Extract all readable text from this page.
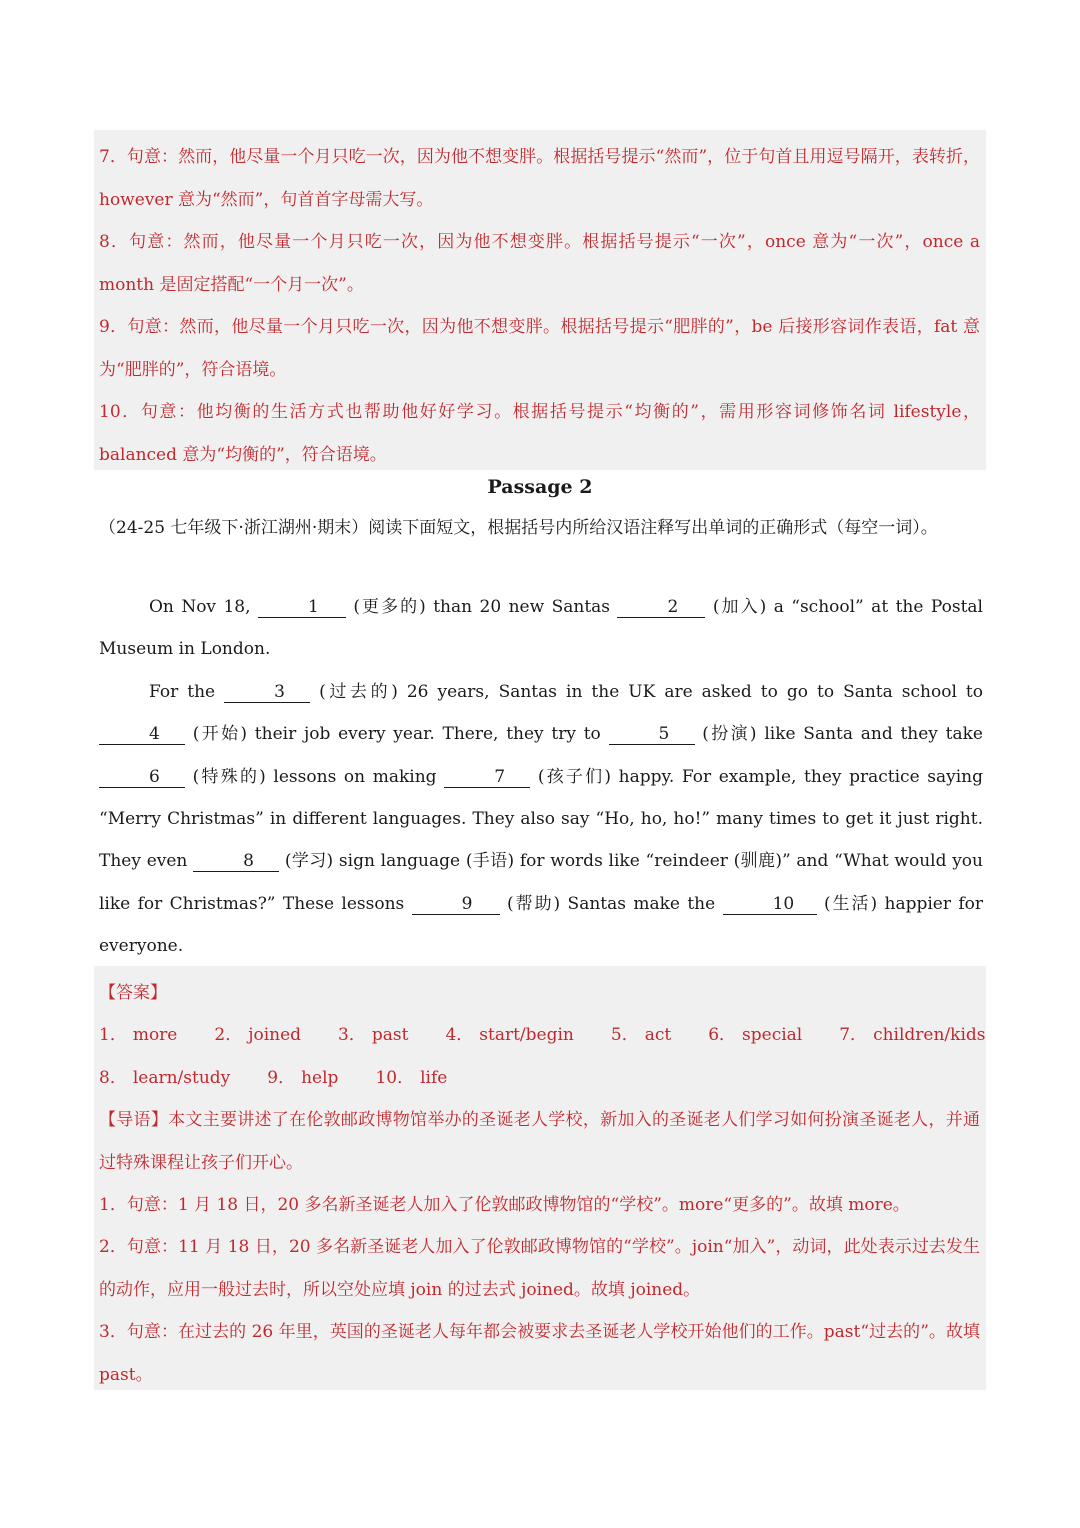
7．句意：然而，他尽量一个月只吃一次，因为他不想变胖。根据括号提示“然而”，位于句首且用逗号隔开，表转折，however 意为“然而”，句首首字母需大写。

8．句意：然而，他尽量一个月只吃一次，因为他不想变胖。根据括号提示“一次”，once 意为“一次”，once a month 是固定搭配“一个月一次”。

9．句意：然而，他尽量一个月只吃一次，因为他不想变胖。根据括号提示“肥胖的”，be 后接形容词作表语，fat 意为“肥胖的”，符合语境。

10．句意：他均衡的生活方式也帮助他好好学习。根据括号提示“均衡的”，需用形容词修饰名词 lifestyle，balanced 意为“均衡的”，符合语境。

Passage 2

（24-25 七年级下·浙江湖州·期末）阅读下面短文，根据括号内所给汉语注释写出单词的正确形式（每空一词）。

On Nov 18,	1 (更多的) than 20 new Santas	2 (加入) a “school” at the Postal Museum in London.

For the	3 (过去的) 26 years, Santas in the UK are asked to go to Santa school to 4 (开始) their job every year. There, they try to	5 (扮演) like Santa and they take 6 (特殊的) lessons on making	7 (孩子们) happy. For example, they practice saying “Merry Christmas” in different languages. They also say “Ho, ho, ho!” many times to get it just right. They even	8 (学习) sign language (手语) for words like “reindeer (驯鹿)” and “What would you like for Christmas?” These lessons	9 (帮助) Santas make the	10 (生活) happier for everyone.

【答案】

1． more 2． joined 3． past 4． start/begin 5． act 6． special 7． children/kids
8． learn/study 9． help 10． life

【导语】本文主要讲述了在伦敦邮政博物馆举办的圣诞老人学校，新加入的圣诞老人们学习如何扮演圣诞老人，并通过特殊课程让孩子们开心。

1．句意：1 月 18 日，20 多名新圣诞老人加入了伦敦邮政博物馆的“学校”。more“更多的”。故填 more。

2．句意：11 月 18 日，20 多名新圣诞老人加入了伦敦邮政博物馆的“学校”。join“加入”，动词，此处表示过去发生的动作，应用一般过去时，所以空处应填 join 的过去式 joined。故填 joined。

3．句意：在过去的 26 年里，英国的圣诞老人每年都会被要求去圣诞老人学校开始他们的工作。past“过去的”。故填 past。
